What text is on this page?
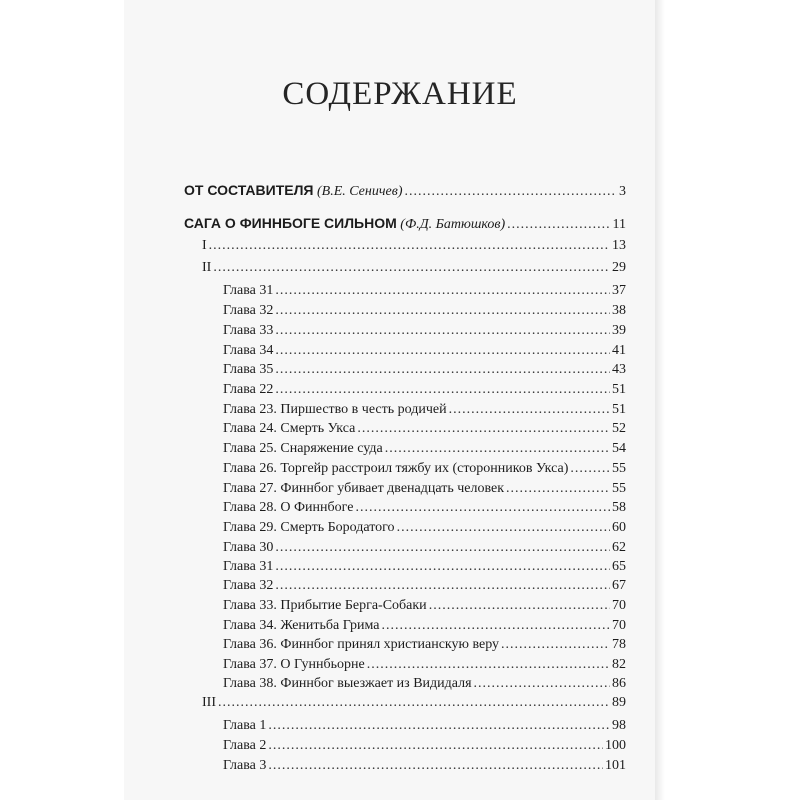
СОДЕРЖАНИЕ
ОТ СОСТАВИТЕЛЯ (В.Е. Сеничев) .....	3
САГА О ФИННБОГЕ СИЛЬНОМ (Ф.Д. Батюшков) .....	11
I .....	13
II .....	29
Глава 31 .....	37
Глава 32 .....	38
Глава 33 .....	39
Глава 34 .....	41
Глава 35 .....	43
Глава 22 .....	51
Глава 23. Пиршество в честь родичей .....	51
Глава 24. Смерть Укса .....	52
Глава 25. Снаряжение суда .....	54
Глава 26. Торгейр расстроил тяжбу их (сторонников Укса) .....	55
Глава 27. Финнбог убивает двенадцать человек .....	55
Глава 28. О Финнбоге .....	58
Глава 29. Смерть Бородатого .....	60
Глава 30 .....	62
Глава 31 .....	65
Глава 32 .....	67
Глава 33. Прибытие Берга-Собаки .....	70
Глава 34. Женитьба Грима .....	70
Глава 36. Финнбог принял христианскую веру .....	78
Глава 37. О Гуннбьорне .....	82
Глава 38. Финнбог выезжает из Видидаля .....	86
III .....	89
Глава 1 .....	98
Глава 2 .....	100
Глава 3 .....	101
